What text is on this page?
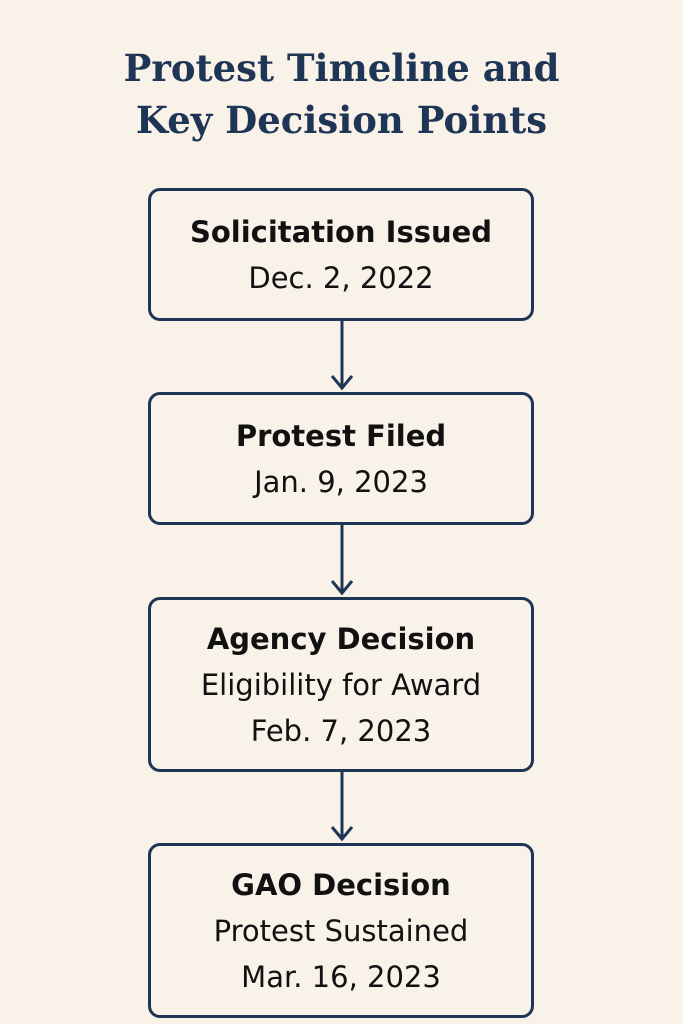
Protest Timeline and
Key Decision Points
Solicitation Issued
Dec. 2, 2022
Protest Filed
Jan. 9, 2023
Agency Decision
Eligibility for Award
Feb. 7, 2023
GAO Decision
Protest Sustained
Mar. 16, 2023
